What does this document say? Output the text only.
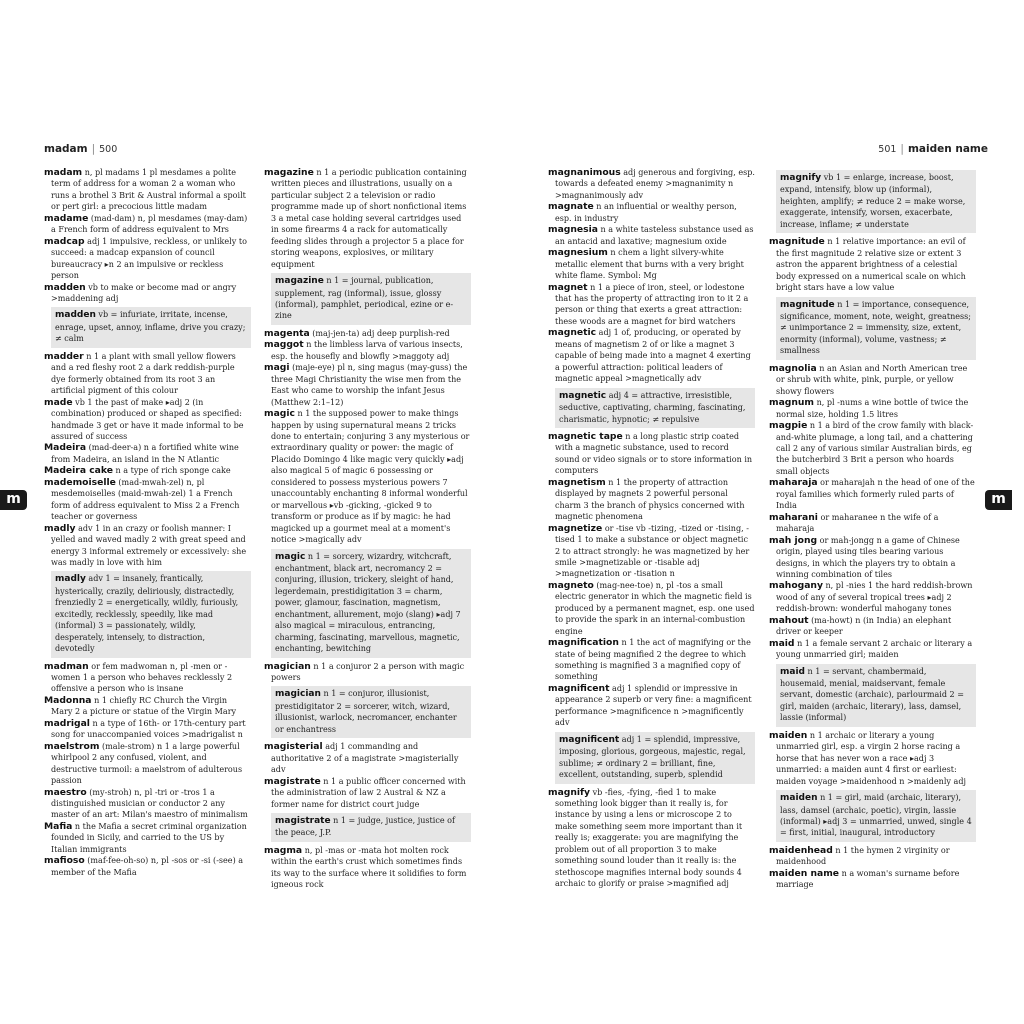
madam | 500
madam n, pl madams 1 pl mesdames a polite term of address for a woman 2 a woman who runs a brothel 3 Brit & Austral informal a spoilt or pert girl: a precocious little madam
madame (mad-dam) n, pl mesdames (may-dam) a French form of address equivalent to Mrs
madcap adj 1 impulsive, reckless, or unlikely to succeed: a madcap expansion of council bureaucracy ▸n 2 an impulsive or reckless person
madden vb to make or become mad or angry >maddening adj
madden vb = infuriate, irritate, incense, enrage, upset, annoy, inflame, drive you crazy; ≠ calm
madder n 1 a plant with small yellow flowers and a red fleshy root 2 a dark reddish-purple dye formerly obtained from its root 3 an artificial pigment of this colour
made vb 1 the past of make ▸adj 2 (in combination) produced or shaped as specified: handmade 3 get or have it made informal to be assured of success
Madeira (mad-deer-a) n a fortified white wine from Madeira, an island in the N Atlantic
Madeira cake n a type of rich sponge cake
mademoiselle (mad-mwah-zel) n, pl mesdemoiselles (maid-mwah-zel) 1 a French form of address equivalent to Miss 2 a French teacher or governess
madly adv 1 in an crazy or foolish manner: I yelled and waved madly 2 with great speed and energy 3 informal extremely or excessively: she was madly in love with him
madly adv 1 = insanely, frantically, hysterically, crazily, deliriously, distractedly, frenziedly 2 = energetically, wildly, furiously, excitedly, recklessly, speedily, like mad (informal) 3 = passionately, wildly, desperately, intensely, to distraction, devotedly
madman or fem madwoman n, pl -men or -women 1 a person who behaves recklessly 2 offensive a person who is insane
Madonna n 1 chiefly RC Church the Virgin Mary 2 a picture or statue of the Virgin Mary
madrigal n a type of 16th- or 17th-century part song for unaccompanied voices >madrigalist n
maelstrom (male-strom) n 1 a large powerful whirlpool 2 any confused, violent, and destructive turmoil: a maelstrom of adulterous passion
maestro (my-stroh) n, pl -tri or -tros 1 a distinguished musician or conductor 2 any master of an art: Milan's maestro of minimalism
Mafia n the Mafia a secret criminal organization founded in Sicily, and carried to the US by Italian immigrants
mafioso (maf-fee-oh-so) n, pl -sos or -si (-see) a member of the Mafia
magazine n 1 a periodic publication containing written pieces and illustrations, usually on a particular subject 2 a television or radio programme made up of short nonfictional items 3 a metal case holding several cartridges used in some firearms 4 a rack for automatically feeding slides through a projector 5 a place for storing weapons, explosives, or military equipment
magazine n 1 = journal, publication, supplement, rag (informal), issue, glossy (informal), pamphlet, periodical, ezine or e-zine
magenta (maj-jen-ta) adj deep purplish-red
maggot n the limbless larva of various insects, esp. the housefly and blowfly >maggoty adj
magi (maje-eye) pl n, sing magus (may-guss) the three Magi Christianity the wise men from the East who came to worship the infant Jesus (Matthew 2:1–12)
magic n 1 the supposed power to make things happen by using supernatural means 2 tricks done to entertain; conjuring 3 any mysterious or extraordinary quality or power: the magic of Placido Domingo 4 like magic very quickly ▸adj also magical 5 of magic 6 possessing or considered to possess mysterious powers 7 unaccountably enchanting 8 informal wonderful or marvellous ▸vb -gicking, -gicked 9 to transform or produce as if by magic: he had magicked up a gourmet meal at a moment's notice >magically adv
magic n 1 = sorcery, wizardry, witchcraft, enchantment, black art, necromancy 2 = conjuring, illusion, trickery, sleight of hand, legerdemain, prestidigitation 3 = charm, power, glamour, fascination, magnetism, enchantment, allurement, mojo (slang) ▸adj 7 also magical = miraculous, entrancing, charming, fascinating, marvellous, magnetic, enchanting, bewitching
magician n 1 a conjuror 2 a person with magic powers
magician n 1 = conjuror, illusionist, prestidigitator 2 = sorcerer, witch, wizard, illusionist, warlock, necromancer, enchanter or enchantress
magisterial adj 1 commanding and authoritative 2 of a magistrate >magisterially adv
magistrate n 1 a public officer concerned with the administration of law 2 Austral & NZ a former name for district court judge
magistrate n 1 = judge, justice, justice of the peace, J.P.
magma n, pl -mas or -mata hot molten rock within the earth's crust which sometimes finds its way to the surface where it solidifies to form igneous rock
501 | maiden name
magnanimous adj generous and forgiving, esp. towards a defeated enemy >magnanimity n >magnanimously adv
magnate n an influential or wealthy person, esp. in industry
magnesia n a white tasteless substance used as an antacid and laxative; magnesium oxide
magnesium n chem a light silvery-white metallic element that burns with a very bright white flame. Symbol: Mg
magnet n 1 a piece of iron, steel, or lodestone that has the property of attracting iron to it 2 a person or thing that exerts a great attraction: these woods are a magnet for bird watchers
magnetic adj 1 of, producing, or operated by means of magnetism 2 of or like a magnet 3 capable of being made into a magnet 4 exerting a powerful attraction: political leaders of magnetic appeal >magnetically adv
magnetic adj 4 = attractive, irresistible, seductive, captivating, charming, fascinating, charismatic, hypnotic; ≠ repulsive
magnetic tape n a long plastic strip coated with a magnetic substance, used to record sound or video signals or to store information in computers
magnetism n 1 the property of attraction displayed by magnets 2 powerful personal charm 3 the branch of physics concerned with magnetic phenomena
magnetize or -tise vb -tizing, -tized or -tising, -tised 1 to make a substance or object magnetic 2 to attract strongly: he was magnetized by her smile >magnetizable or -tisable adj >magnetization or -tisation n
magneto (mag-nee-toe) n, pl -tos a small electric generator in which the magnetic field is produced by a permanent magnet, esp. one used to provide the spark in an internal-combustion engine
magnification n 1 the act of magnifying or the state of being magnified 2 the degree to which something is magnified 3 a magnified copy of something
magnificent adj 1 splendid or impressive in appearance 2 superb or very fine: a magnificent performance >magnificence n >magnificently adv
magnificent adj 1 = splendid, impressive, imposing, glorious, gorgeous, majestic, regal, sublime; ≠ ordinary 2 = brilliant, fine, excellent, outstanding, superb, splendid
magnify vb -fies, -fying, -fied 1 to make something look bigger than it really is, for instance by using a lens or microscope 2 to make something seem more important than it really is; exaggerate: you are magnifying the problem out of all proportion 3 to make something sound louder than it really is: the stethoscope magnifies internal body sounds 4 archaic to glorify or praise >magnified adj
magnify vb 1 = enlarge, increase, boost, expand, intensify, blow up (informal), heighten, amplify; ≠ reduce 2 = make worse, exaggerate, intensify, worsen, exacerbate, increase, inflame; ≠ understate
magnitude n 1 relative importance: an evil of the first magnitude 2 relative size or extent 3 astron the apparent brightness of a celestial body expressed on a numerical scale on which bright stars have a low value
magnitude n 1 = importance, consequence, significance, moment, note, weight, greatness; ≠ unimportance 2 = immensity, size, extent, enormity (informal), volume, vastness; ≠ smallness
magnolia n an Asian and North American tree or shrub with white, pink, purple, or yellow showy flowers
magnum n, pl -nums a wine bottle of twice the normal size, holding 1.5 litres
magpie n 1 a bird of the crow family with black-and-white plumage, a long tail, and a chattering call 2 any of various similar Australian birds, eg the butcherbird 3 Brit a person who hoards small objects
maharaja or maharajah n the head of one of the royal families which formerly ruled parts of India
maharani or maharanee n the wife of a maharaja
mah jong or mah-jongg n a game of Chinese origin, played using tiles bearing various designs, in which the players try to obtain a winning combination of tiles
mahogany n, pl -nies 1 the hard reddish-brown wood of any of several tropical trees ▸adj 2 reddish-brown: wonderful mahogany tones
mahout (ma-howt) n (in India) an elephant driver or keeper
maid n 1 a female servant 2 archaic or literary a young unmarried girl; maiden
maid n 1 = servant, chambermaid, housemaid, menial, maidservant, female servant, domestic (archaic), parlourmaid 2 = girl, maiden (archaic, literary), lass, damsel, lassie (informal)
maiden n 1 archaic or literary a young unmarried girl, esp. a virgin 2 horse racing a horse that has never won a race ▸adj 3 unmarried: a maiden aunt 4 first or earliest: maiden voyage >maidenhood n >maidenly adj
maiden n 1 = girl, maid (archaic, literary), lass, damsel (archaic, poetic), virgin, lassie (informal) ▸adj 3 = unmarried, unwed, single 4 = first, initial, inaugural, introductory
maidenhead n 1 the hymen 2 virginity or maidenhood
maiden name n a woman's surname before marriage
m	m
